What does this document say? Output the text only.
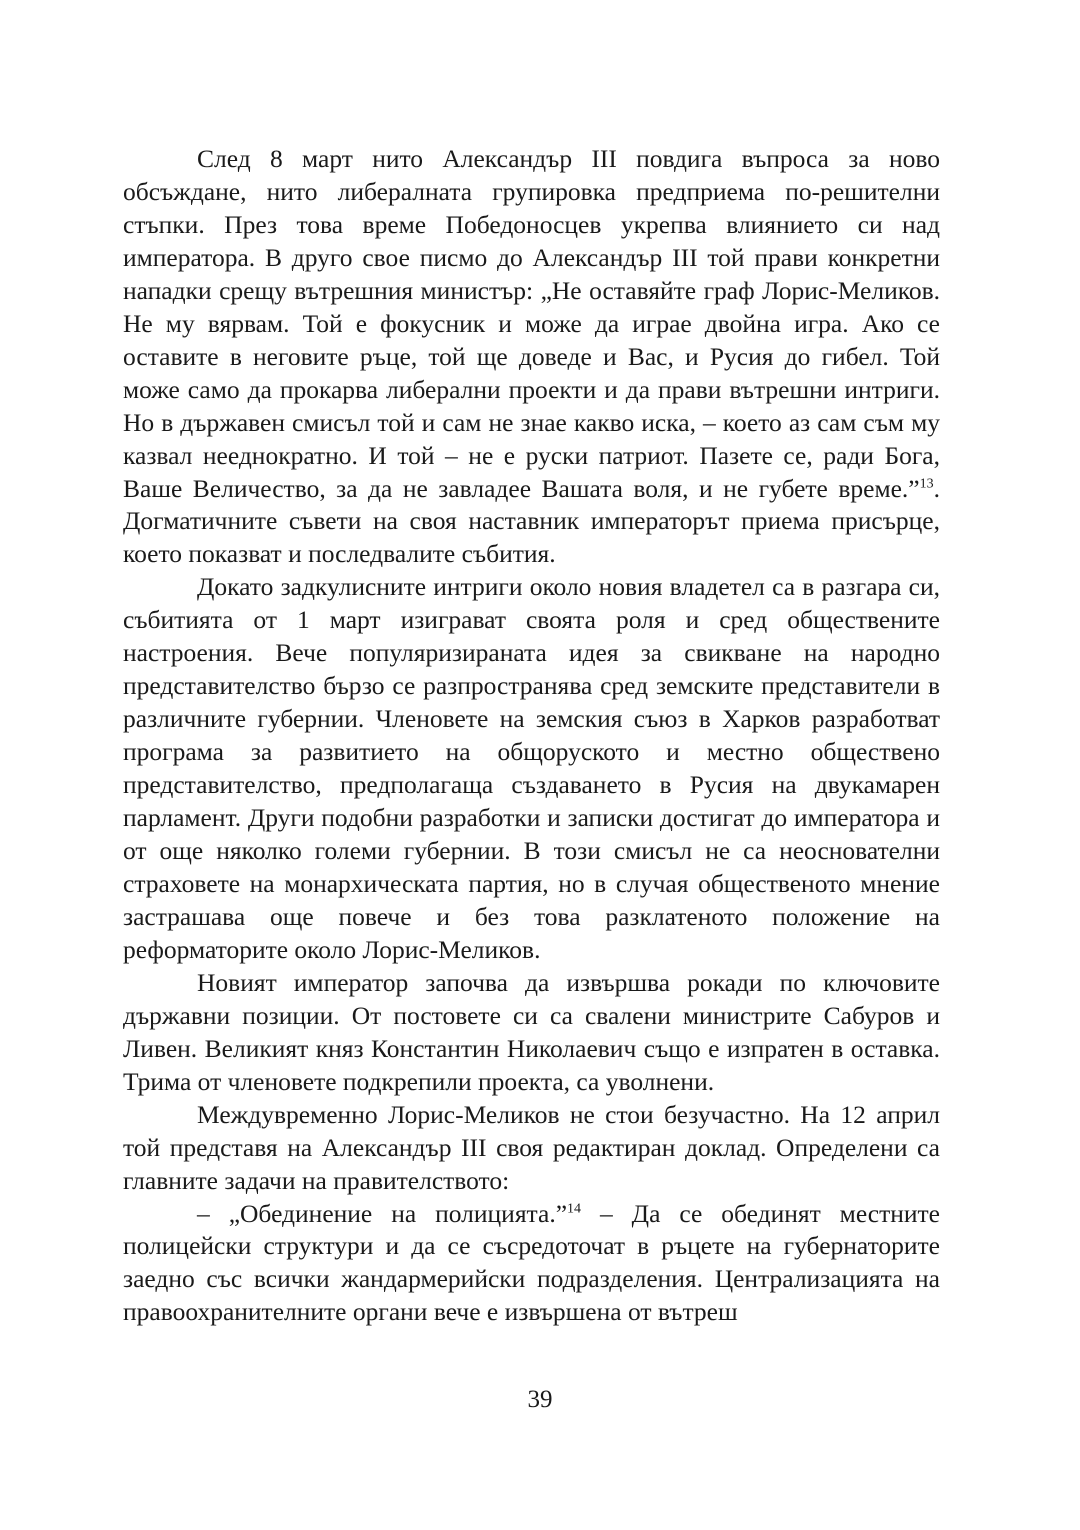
След 8 март нито Александър III повдига въпроса за ново обсъждане, нито либералната групировка предприема по-решителни стъпки. През това време Победоносцев укрепва влиянието си над императора. В друго свое писмо до Александър III той прави конкретни нападки срещу вътрешния министър: „Не оставяйте граф Лорис-Меликов. Не му вярвам. Той е фокусник и може да играе двойна игра. Ако се оставите в неговите ръце, той ще доведе и Вас, и Русия до гибел. Той може само да прокарва либерални проекти и да прави вътрешни интриги. Но в държавен смисъл той и сам не знае какво иска, – което аз сам съм му казвал нееднократно. И той – не е руски патриот. Пазете се, ради Бога, Ваше Величество, за да не завладее Вашата воля, и не губете време.”$^{13}$. Догматичните съвети на своя наставник императорът приема присърце, което показват и последвалите събития.

Докато задкулисните интриги около новия владетел са в разгара си, събитията от 1 март изиграват своята роля и сред обществените настроения. Вече популяризираната идея за свикване на народно представителство бързо се разпространява сред земските представители в различните губернии. Членовете на земския съюз в Харков разработват програма за развитието на общоруското и местно обществено представителство, предполагаща създаването в Русия на двукамарен парламент. Други подобни разработки и записки достигат до императора и от още няколко големи губернии. В този смисъл не са неоснователни страховете на монархическата партия, но в случая общественото мнение застрашава още повече и без това разклатеното положение на реформаторите около Лорис-Меликов.

Новият император започва да извършва рокади по ключовите държавни позиции. От постовете си са свалени министрите Сабуров и Ливен. Великият княз Константин Николаевич също е изпратен в оставка. Трима от членовете подкрепили проекта, са уволнени.

Междувременно Лорис-Меликов не стои безучастно. На 12 април той представя на Александър III своя редактиран доклад. Определени са главните задачи на правителството:

– „Обединение на полицията.”$^{14}$ – Да се обединят местните полицейски структури и да се съсредоточат в ръцете на губернаторите заедно със всички жандармерийски подразделения. Централизацията на правоохранителните органи вече е извършена от вътреш

39
